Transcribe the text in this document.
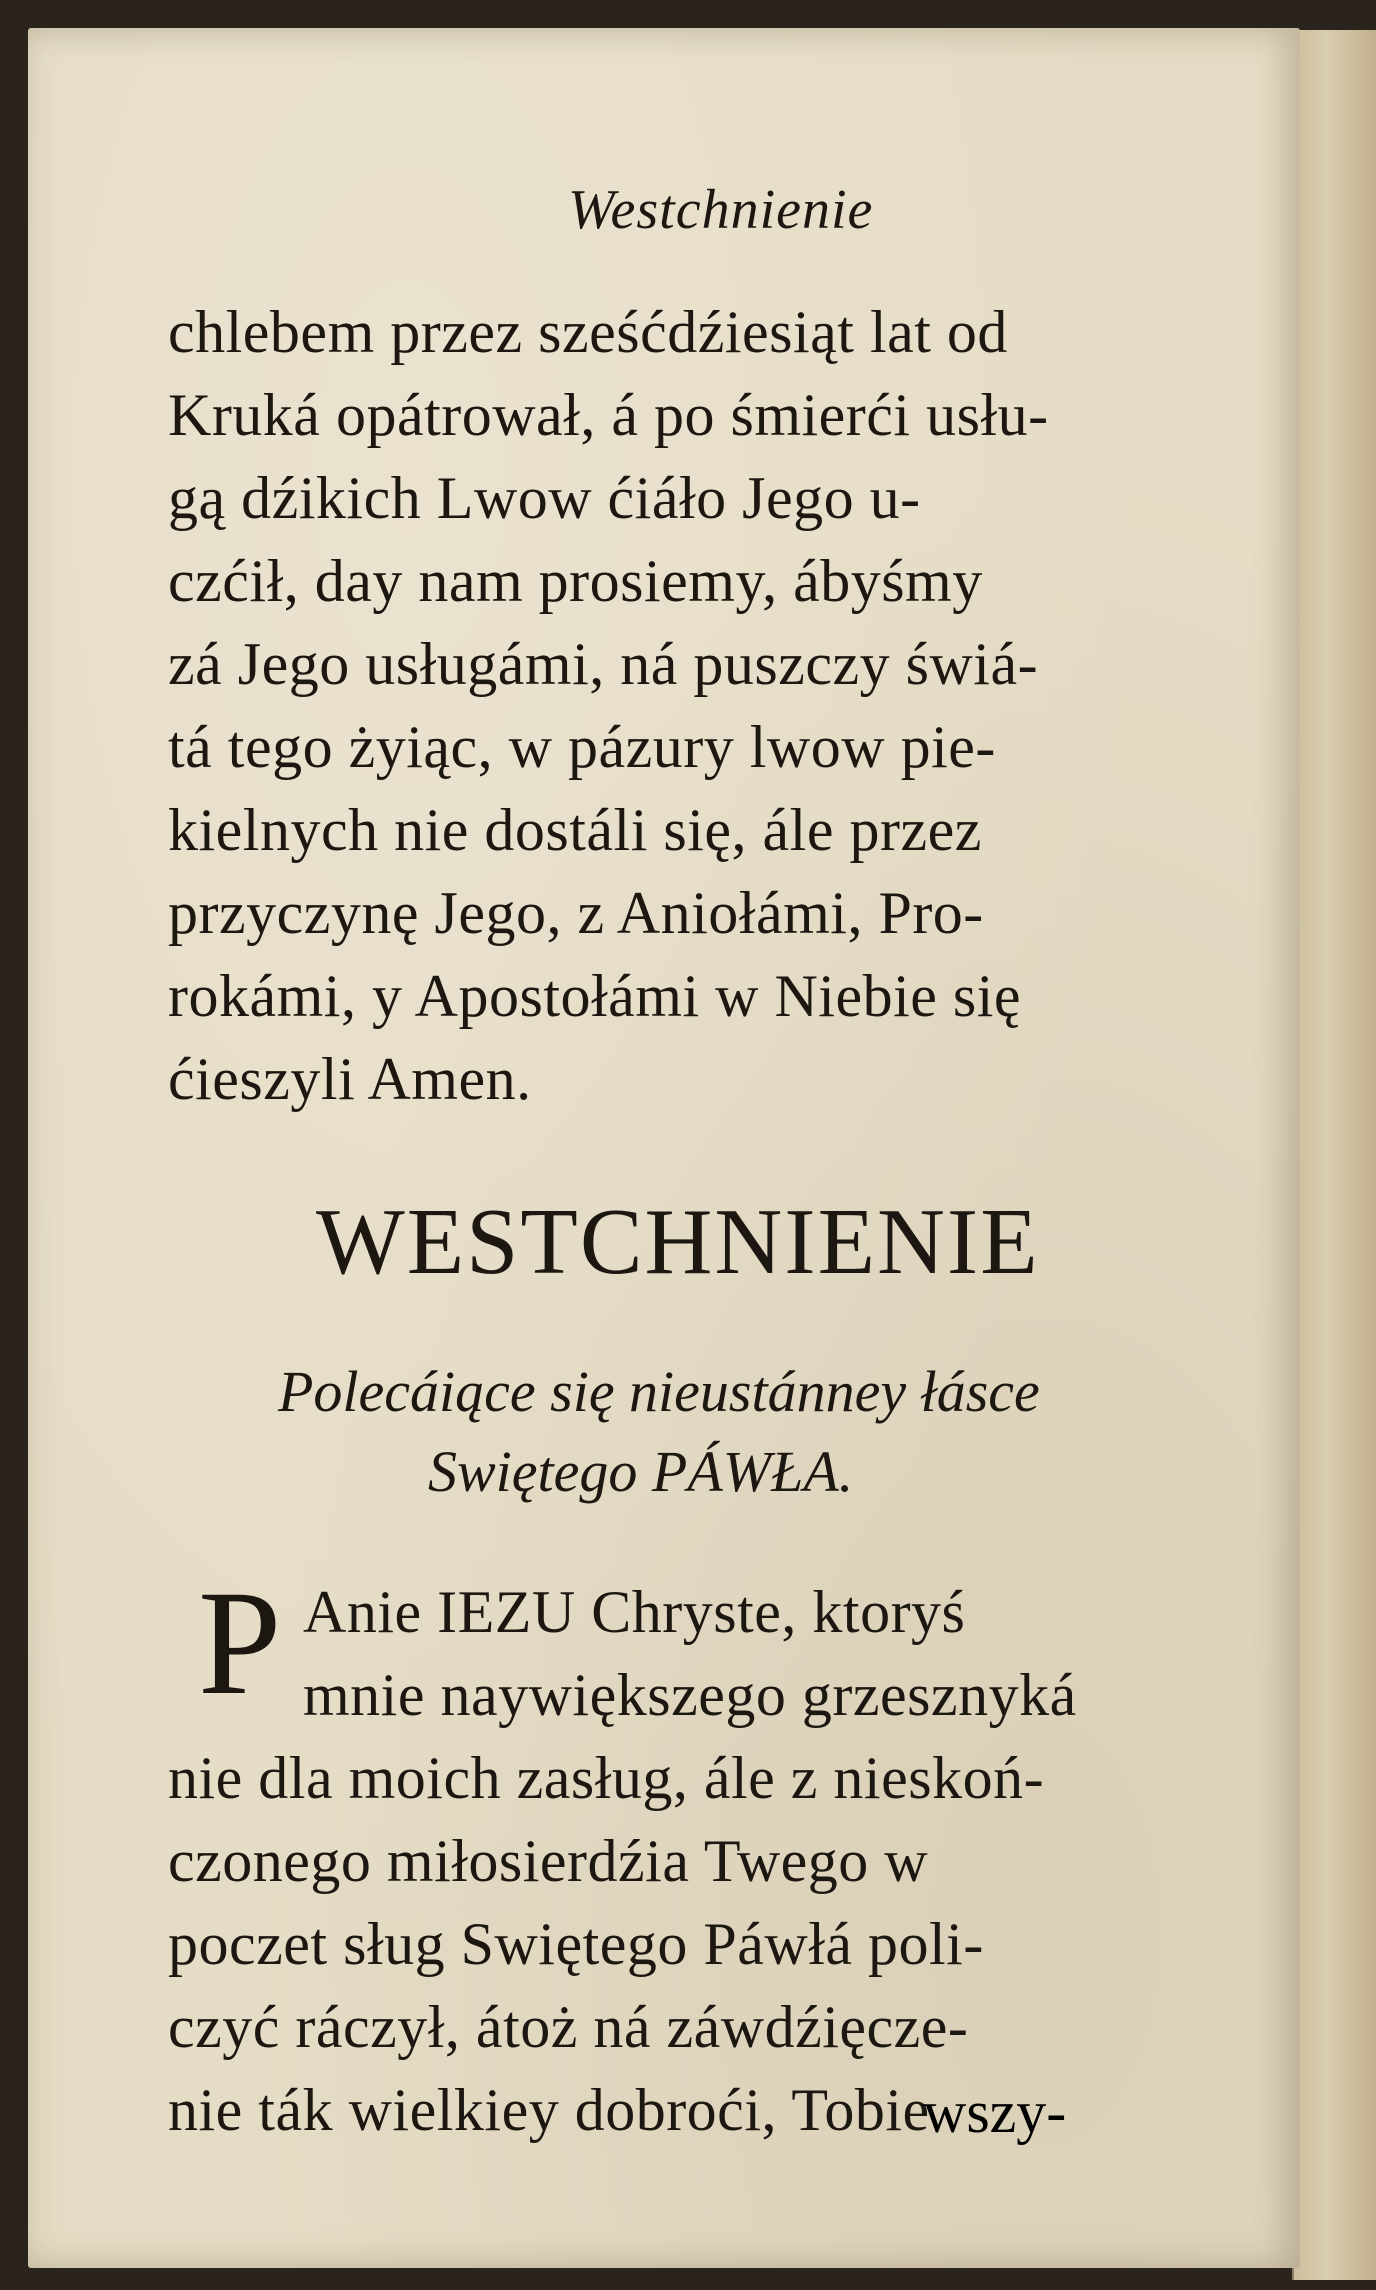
Westchnienie
chlebem przez sześćdźiesiąt lat od
Kruká opátrował, á po śmierći usłu-
gą dźikich Lwow ćiáło Jego u-
czćił, day nam prosiemy, ábyśmy
zá Jego usługámi, ná puszczy świá-
tá tego żyiąc, w pázury lwow pie-
kielnych nie dostáli się, ále przez
przyczynę Jego, z Aniołámi, Pro-
rokámi, y Apostołámi w Niebie się
ćieszyli Amen.
WESTCHNIENIE
Polecáiące się nieustánney łásce
Swiętego PÁWŁA.
P Anie IEZU Chryste, ktoryś
mnie naywiększego grzesznyká
nie dla moich zasług, ále z nieskoń-
czonego miłosierdźia Twego w
poczet sług Swiętego Páwłá poli-
czyć ráczył, átoż ná záwdźięcze-
nie ták wielkiey dobroći, Tobie
wszy-
